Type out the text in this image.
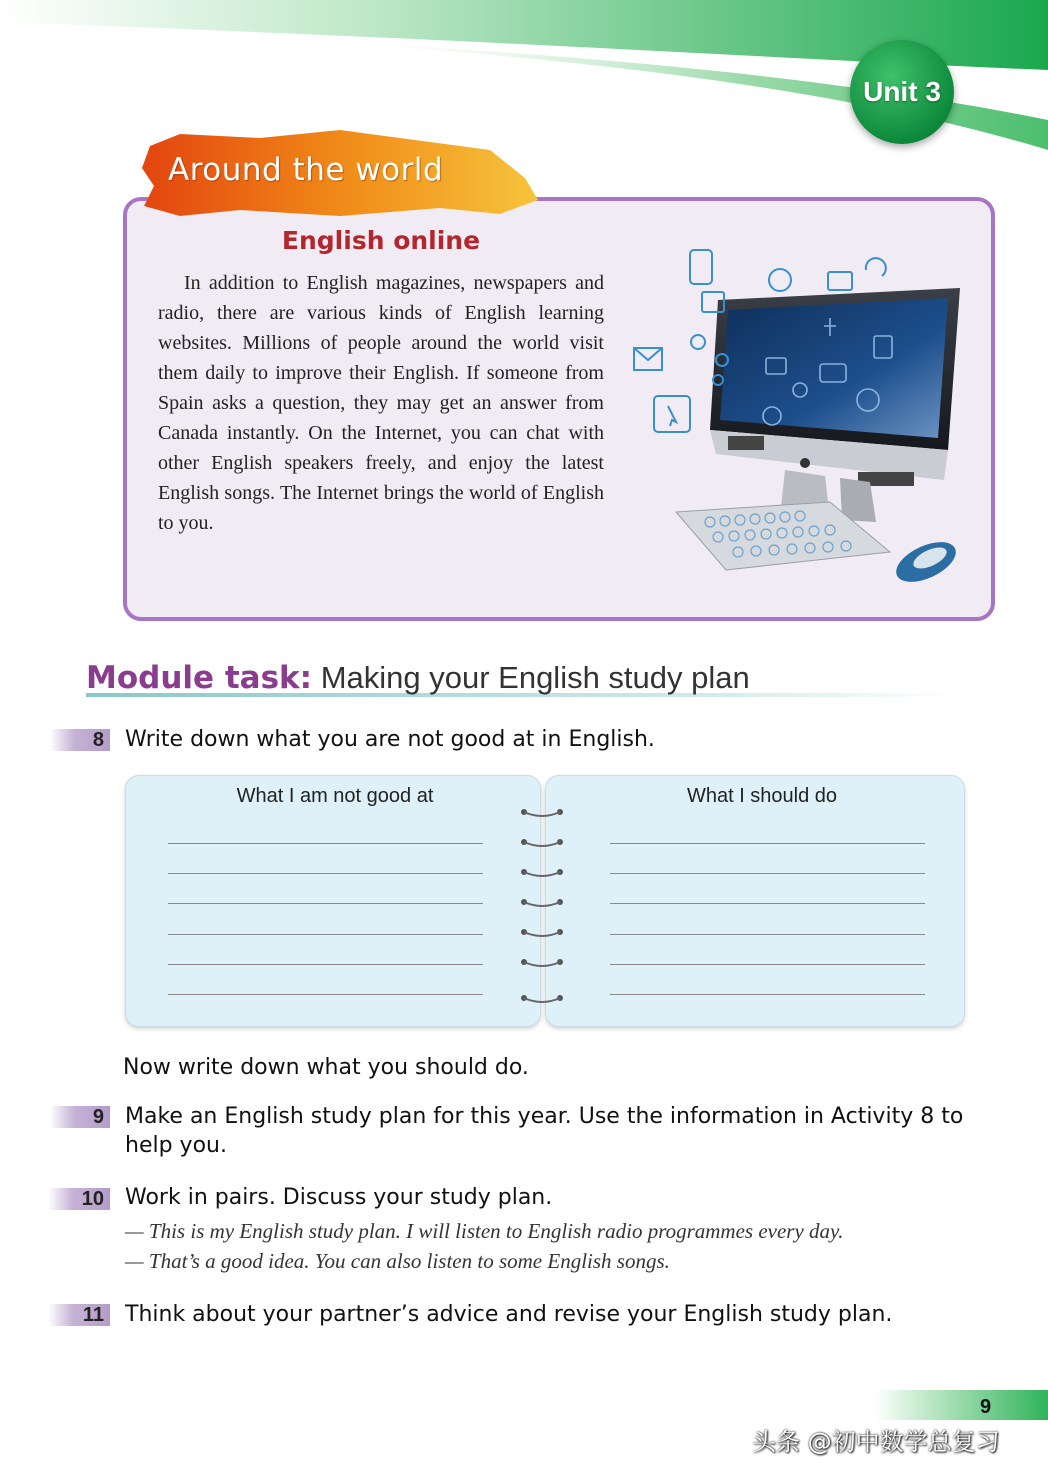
Unit 3
Around the world
English online

In addition to English magazines, newspapers and radio, there are various kinds of English learning websites. Millions of people around the world visit them daily to improve their English. If someone from Spain asks a question, they may get an answer from Canada instantly. On the Internet, you can chat with other English speakers freely, and enjoy the latest English songs. The Internet brings the world of English to you.

Module task: Making your English study plan
8 Write down what you are not good at in English.
What I am not good at	What I should do
Now write down what you should do.
9 Make an English study plan for this year. Use the information in Activity 8 to
help you.
10 Work in pairs. Discuss your study plan.
— This is my English study plan. I will listen to English radio programmes every day.
— That’s a good idea. You can also listen to some English songs.
11 Think about your partner’s advice and revise your English study plan.
9
头条 @初中数学总复习
